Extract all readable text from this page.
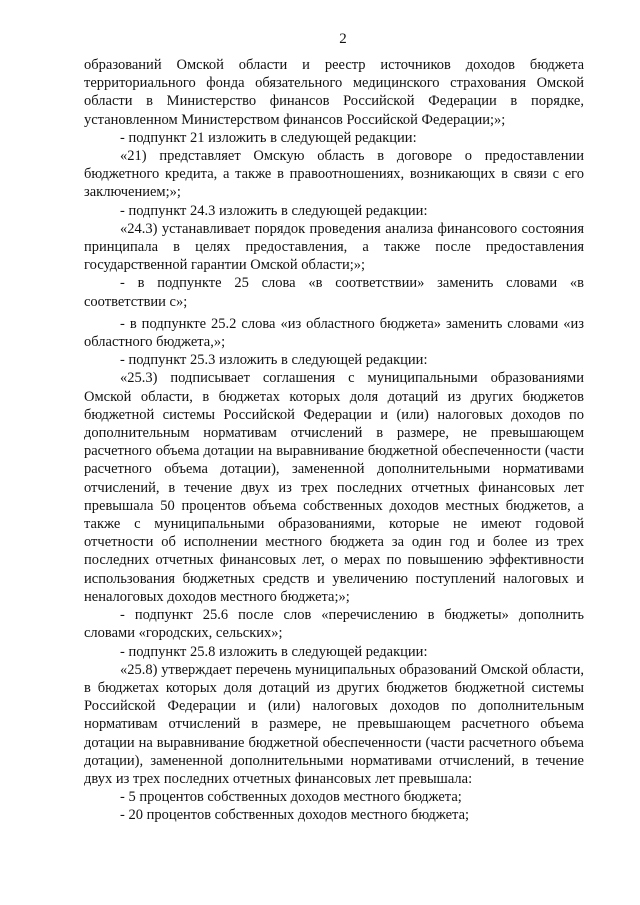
2

образований Омской области и реестр источников доходов бюджета территориального фонда обязательного медицинского страхования Омской области в Министерство финансов Российской Федерации в порядке, установленном Министерством финансов Российской Федерации;»;

- подпункт 21 изложить в следующей редакции:

«21) представляет Омскую область в договоре о предоставлении бюджетного кредита, а также в правоотношениях, возникающих в связи с его заключением;»;

- подпункт 24.3 изложить в следующей редакции:

«24.3) устанавливает порядок проведения анализа финансового состояния принципала в целях предоставления, а также после предоставления государственной гарантии Омской области;»;

- в подпункте 25 слова «в соответствии» заменить словами «в соответствии с»;

- в подпункте 25.2 слова «из областного бюджета» заменить словами «из областного бюджета,»;

- подпункт 25.3 изложить в следующей редакции:

«25.3) подписывает соглашения с муниципальными образованиями Омской области, в бюджетах которых доля дотаций из других бюджетов бюджетной системы Российской Федерации и (или) налоговых доходов по дополнительным нормативам отчислений в размере, не превышающем расчетного объема дотации на выравнивание бюджетной обеспеченности (части расчетного объема дотации), замененной дополнительными нормативами отчислений, в течение двух из трех последних отчетных финансовых лет превышала 50 процентов объема собственных доходов местных бюджетов, а также с муниципальными образованиями, которые не имеют годовой отчетности об исполнении местного бюджета за один год и более из трех последних отчетных финансовых лет, о мерах по повышению эффективности использования бюджетных средств и увеличению поступлений налоговых и неналоговых доходов местного бюджета;»;

- подпункт 25.6 после слов «перечислению в бюджеты» дополнить словами «городских, сельских»;

- подпункт 25.8 изложить в следующей редакции:

«25.8) утверждает перечень муниципальных образований Омской области, в бюджетах которых доля дотаций из других бюджетов бюджетной системы Российской Федерации и (или) налоговых доходов по дополнительным нормативам отчислений в размере, не превышающем расчетного объема дотации на выравнивание бюджетной обеспеченности (части расчетного объема дотации), замененной дополнительными нормативами отчислений, в течение двух из трех последних отчетных финансовых лет превышала:

- 5 процентов собственных доходов местного бюджета;

- 20 процентов собственных доходов местного бюджета;
